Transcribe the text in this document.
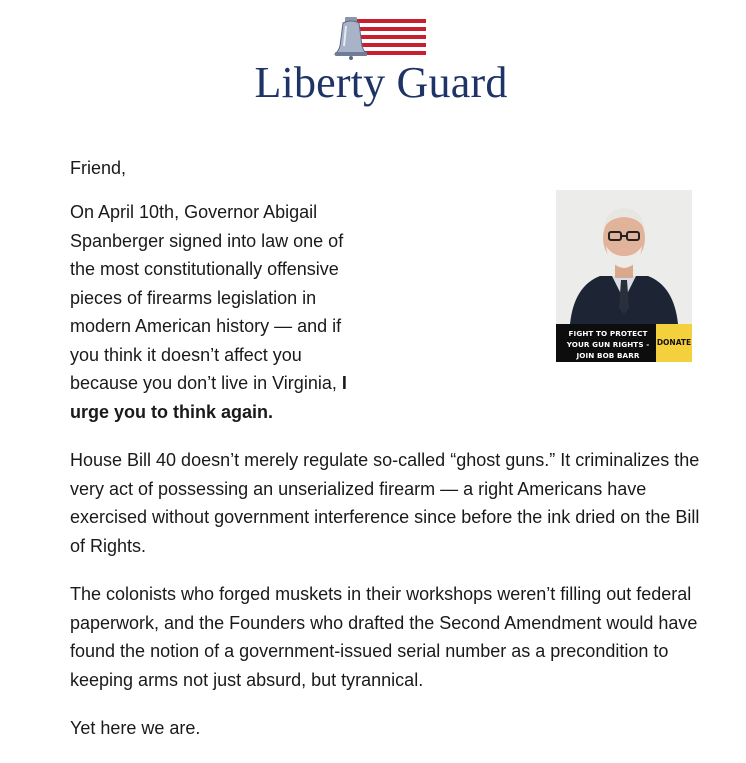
Liberty Guard

Friend,

On April 10th, Governor Abigail Spanberger signed into law one of the most constitutionally offensive pieces of firearms legislation in modern American history — and if you think it doesn’t affect you because you don’t live in Virginia, I urge you to think again.

House Bill 40 doesn’t merely regulate so-called “ghost guns.” It criminalizes the very act of possessing an unserialized firearm — a right Americans have exercised without government interference since before the ink dried on the Bill of Rights.

The colonists who forged muskets in their workshops weren’t filling out federal paperwork, and the Founders who drafted the Second Amendment would have found the notion of a government-issued serial number as a precondition to keeping arms not just absurd, but tyrannical.

Yet here we are.

FIGHT TO PROTECT YOUR GUN RIGHTS - JOIN BOB BARR
DONATE
